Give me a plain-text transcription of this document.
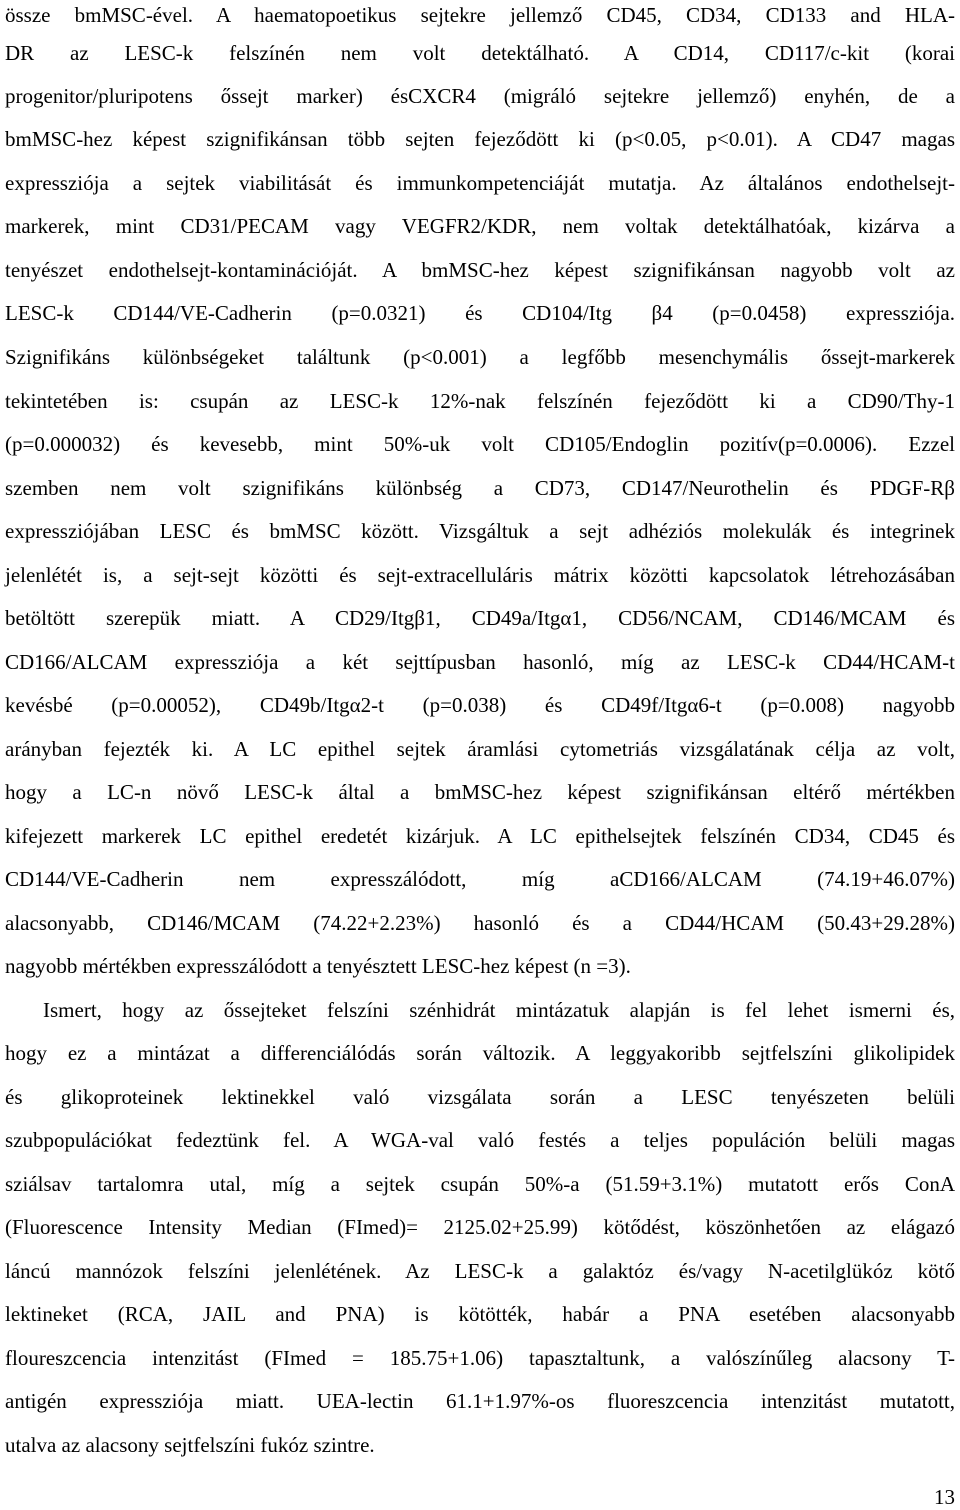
össze bmMSC-ével. A haematopoetikus sejtekre jellemző CD45, CD34, CD133 and HLA-
DR az LESC-k felszínén nem volt detektálható. A CD14, CD117/c-kit (korai
progenitor/pluripotens őssejt marker) ésCXCR4 (migráló sejtekre jellemző) enyhén, de a
bmMSC-hez képest szignifikánsan több sejten fejeződött ki (p<0.05, p<0.01). A CD47 magas
expressziója a sejtek viabilitását és immunkompetenciáját mutatja. Az általános endothelsejt-
markerek, mint CD31/PECAM vagy VEGFR2/KDR, nem voltak detektálhatóak, kizárva a
tenyészet endothelsejt-kontaminációját. A bmMSC-hez képest szignifikánsan nagyobb volt az
LESC-k CD144/VE-Cadherin (p=0.0321) és CD104/Itg β4 (p=0.0458) expressziója.
Szignifikáns különbségeket találtunk (p<0.001) a legfőbb mesenchymális őssejt-markerek
tekintetében is: csupán az LESC-k 12%-nak felszínén fejeződött ki a CD90/Thy-1
(p=0.000032) és kevesebb, mint 50%-uk volt CD105/Endoglin pozitív(p=0.0006). Ezzel
szemben nem volt szignifikáns különbség a CD73, CD147/Neurothelin és PDGF-Rβ
expressziójában LESC és bmMSC között. Vizsgáltuk a sejt adhéziós molekulák és integrinek
jelenlétét is, a sejt-sejt közötti és sejt-extracelluláris mátrix közötti kapcsolatok létrehozásában
betöltött szerepük miatt. A CD29/Itgβ1, CD49a/Itgα1, CD56/NCAM, CD146/MCAM és
CD166/ALCAM expressziója a két sejttípusban hasonló, míg az LESC-k CD44/HCAM-t
kevésbé (p=0.00052), CD49b/Itgα2-t (p=0.038) és CD49f/Itgα6-t (p=0.008) nagyobb
arányban fejezték ki. A LC epithel sejtek áramlási cytometriás vizsgálatának célja az volt,
hogy a LC-n növő LESC-k által a bmMSC-hez képest szignifikánsan eltérő mértékben
kifejezett markerek LC epithel eredetét kizárjuk. A LC epithelsejtek felszínén CD34, CD45 és
CD144/VE-Cadherin nem expresszálódott, míg aCD166/ALCAM (74.19+46.07%)
alacsonyabb, CD146/MCAM (74.22+2.23%) hasonló és a CD44/HCAM (50.43+29.28%)
nagyobb mértékben expresszálódott a tenyésztett LESC-hez képest (n =3).
Ismert, hogy az őssejteket felszíni szénhidrát mintázatuk alapján is fel lehet ismerni és,
hogy ez a mintázat a differenciálódás során változik. A leggyakoribb sejtfelszíni glikolipidek
és glikoproteinek lektinekkel való vizsgálata során a LESC tenyészeten belüli
szubpopulációkat fedeztünk fel. A WGA-val való festés a teljes populáción belüli magas
sziálsav tartalomra utal, míg a sejtek csupán 50%-a (51.59+3.1%) mutatott erős ConA
(Fluorescence Intensity Median (FImed)= 2125.02+25.99) kötődést, köszönhetően az elágazó
láncú mannózok felszíni jelenlétének. Az LESC-k a galaktóz és/vagy N-acetilglükóz kötő
lektineket (RCA, JAIL and PNA) is kötötték, habár a PNA esetében alacsonyabb
floureszcencia intenzitást (FImed = 185.75+1.06) tapasztaltunk, a valószínűleg alacsony T-
antigén expressziója miatt. UEA-lectin 61.1+1.97%-os fluoreszcencia intenzitást mutatott,
utalva az alacsony sejtfelszíni fukóz szintre.
13
